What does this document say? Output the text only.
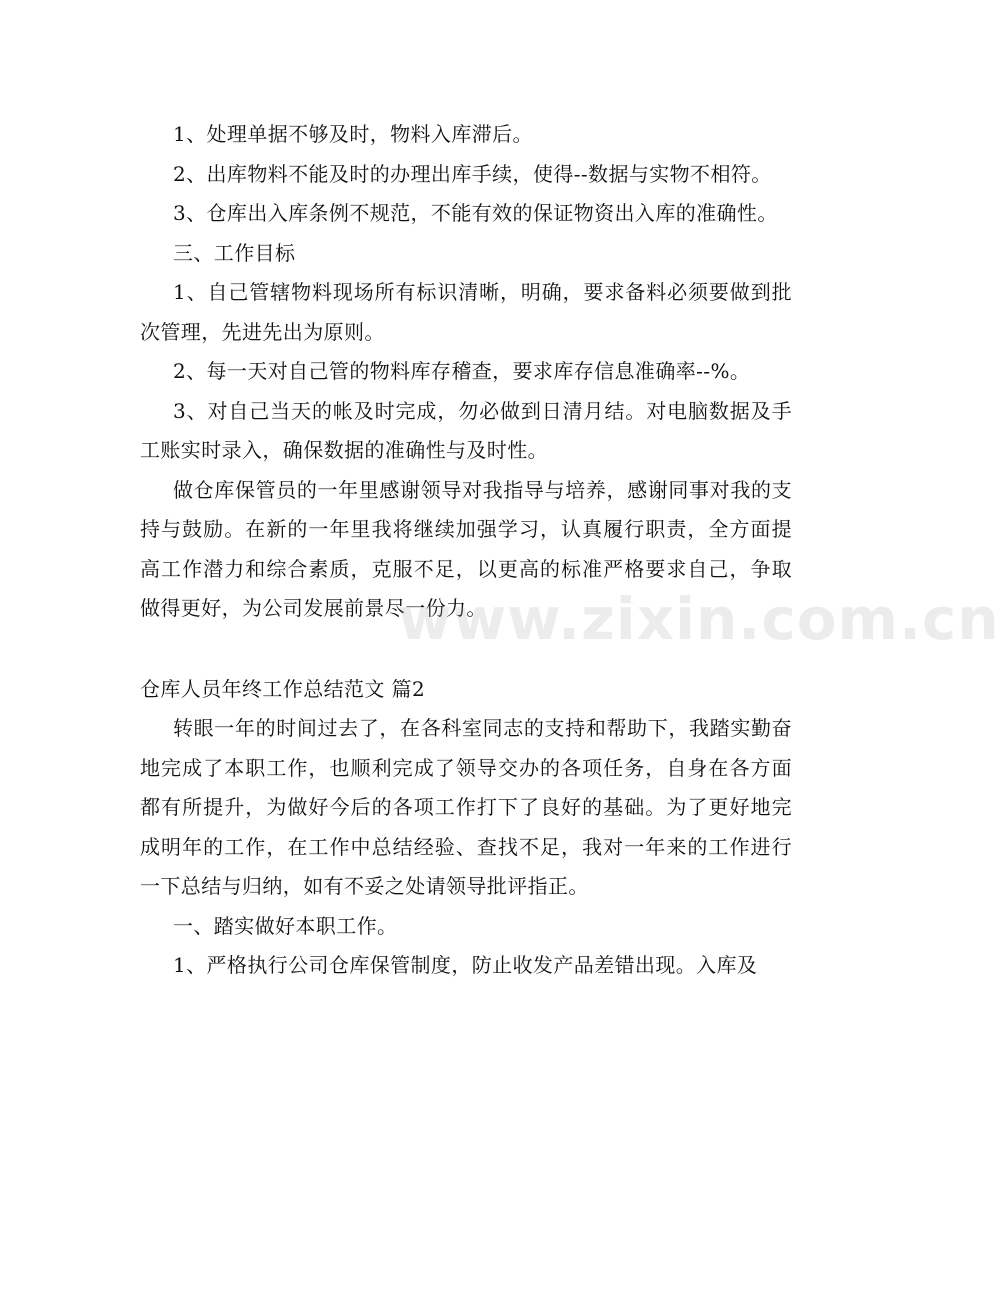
1、处理单据不够及时，物料入库滞后。

2、出库物料不能及时的办理出库手续，使得--数据与实物不相符。

3、仓库出入库条例不规范，不能有效的保证物资出入库的准确性。

三、工作目标

1、自己管辖物料现场所有标识清晰，明确，要求备料必须要做到批次管理，先进先出为原则。

2、每一天对自己管的物料库存稽查，要求库存信息准确率--%。

3、对自己当天的帐及时完成，勿必做到日清月结。对电脑数据及手工账实时录入，确保数据的准确性与及时性。

做仓库保管员的一年里感谢领导对我指导与培养，感谢同事对我的支持与鼓励。在新的一年里我将继续加强学习，认真履行职责，全方面提高工作潜力和综合素质，克服不足，以更高的标准严格要求自己，争取做得更好，为公司发展前景尽一份力。

仓库人员年终工作总结范文 篇2

转眼一年的时间过去了，在各科室同志的支持和帮助下，我踏实勤奋地完成了本职工作，也顺利完成了领导交办的各项任务，自身在各方面都有所提升，为做好今后的各项工作打下了良好的基础。为了更好地完成明年的工作，在工作中总结经验、查找不足，我对一年来的工作进行一下总结与归纳，如有不妥之处请领导批评指正。

一、踏实做好本职工作。

1、严格执行公司仓库保管制度，防止收发产品差错出现。入库及

www.zixin.com.cn
